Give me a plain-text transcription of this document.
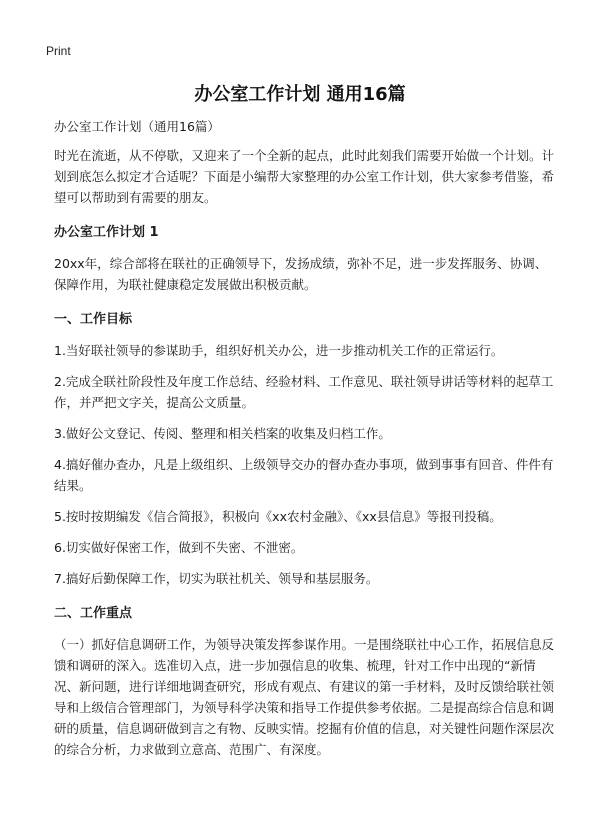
Print
办公室工作计划 通用16篇

办公室工作计划（通用16篇）

时光在流逝，从不停歇，又迎来了一个全新的起点，此时此刻我们需要开始做一个计划。计划到底怎么拟定才合适呢？下面是小编帮大家整理的办公室工作计划，供大家参考借鉴，希望可以帮助到有需要的朋友。

办公室工作计划 1

20xx年，综合部将在联社的正确领导下，发扬成绩，弥补不足，进一步发挥服务、协调、保障作用，为联社健康稳定发展做出积极贡献。

一、工作目标

1.当好联社领导的参谋助手，组织好机关办公，进一步推动机关工作的正常运行。

2.完成全联社阶段性及年度工作总结、经验材料、工作意见、联社领导讲话等材料的起草工作，并严把文字关，提高公文质量。

3.做好公文登记、传阅、整理和相关档案的收集及归档工作。

4.搞好催办查办，凡是上级组织、上级领导交办的督办查办事项，做到事事有回音、件件有结果。

5.按时按期编发《信合简报》，积极向《xx农村金融》、《xx县信息》等报刊投稿。

6.切实做好保密工作，做到不失密、不泄密。

7.搞好后勤保障工作，切实为联社机关、领导和基层服务。

二、工作重点

（一）抓好信息调研工作，为领导决策发挥参谋作用。一是围绕联社中心工作，拓展信息反馈和调研的深入。选准切入点，进一步加强信息的收集、梳理，针对工作中出现的“新情况、新问题，进行详细地调查研究，形成有观点、有建议的第一手材料，及时反馈给联社领导和上级信合管理部门，为领导科学决策和指导工作提供参考依据。二是提高综合信息和调研的质量，信息调研做到言之有物、反映实情。挖掘有价值的信息，对关键性问题作深层次的综合分析，力求做到立意高、范围广、有深度。
